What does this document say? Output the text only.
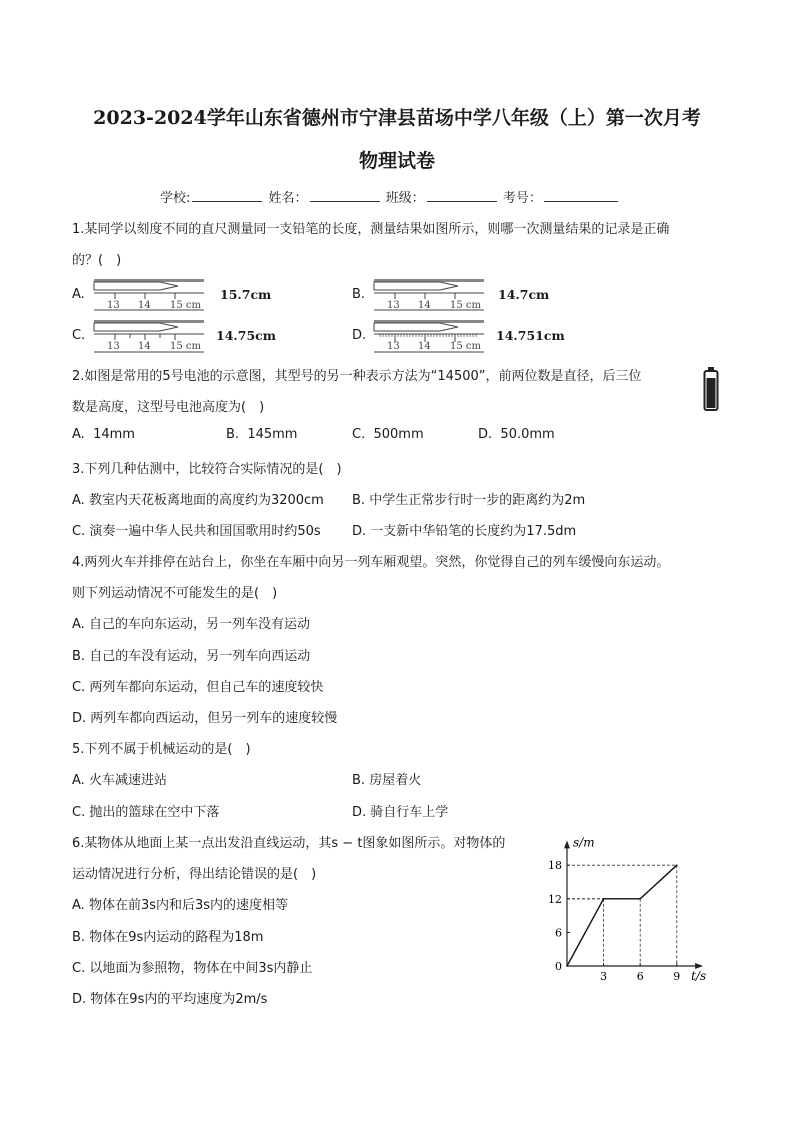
2023-2024学年山东省德州市宁津县苗场中学八年级（上）第一次月考
物理试卷
学校:	姓名：	班级：	考号：
1.某同学以刻度不同的直尺测量同一支铅笔的长度，测量结果如图所示，则哪一次测量结果的记录是正确
的？(　)
A.
13 14 15 cm
15.7cm	B.
13 14 15 cm
14.7cm
C.
13 14 15 cm
14.75cm	D.
13 14 15 cm
14.751cm
2.如图是常用的5号电池的示意图，其型号的另一种表示方法为“14500”，前两位数是直径，后三位
数是高度，这型号电池高度为(　)
A. 14mm	B. 145mm	C. 500mm	D. 50.0mm
3.下列几种估测中，比较符合实际情况的是(　)
A. 教室内天花板离地面的高度约为3200cm B. 中学生正常步行时一步的距离约为2m
C. 演奏一遍中华人民共和国国歌用时约50s D. 一支新中华铅笔的长度约为17.5dm
4.两列火车并排停在站台上，你坐在车厢中向另一列车厢观望。突然，你觉得自己的列车缓慢向东运动。
则下列运动情况不可能发生的是(　)
A. 自己的车向东运动，另一列车没有运动
B. 自己的车没有运动，另一列车向西运动
C. 两列车都向东运动，但自己车的速度较快
D. 两列车都向西运动，但另一列车的速度较慢
5.下列不属于机械运动的是(　)
A. 火车减速进站	B. 房屋着火
C. 抛出的篮球在空中下落	D. 骑自行车上学
6.某物体从地面上某一点出发沿直线运动，其s − t图象如图所示。对物体的
运动情况进行分析，得出结论错误的是(　)
A. 物体在前3s内和后3s内的速度相等
B. 物体在9s内运动的路程为18m
C. 以地面为参照物，物体在中间3s内静止
D. 物体在9s内的平均速度为2m/s
s/m
t/s
0
6
12
18
3	6	9
